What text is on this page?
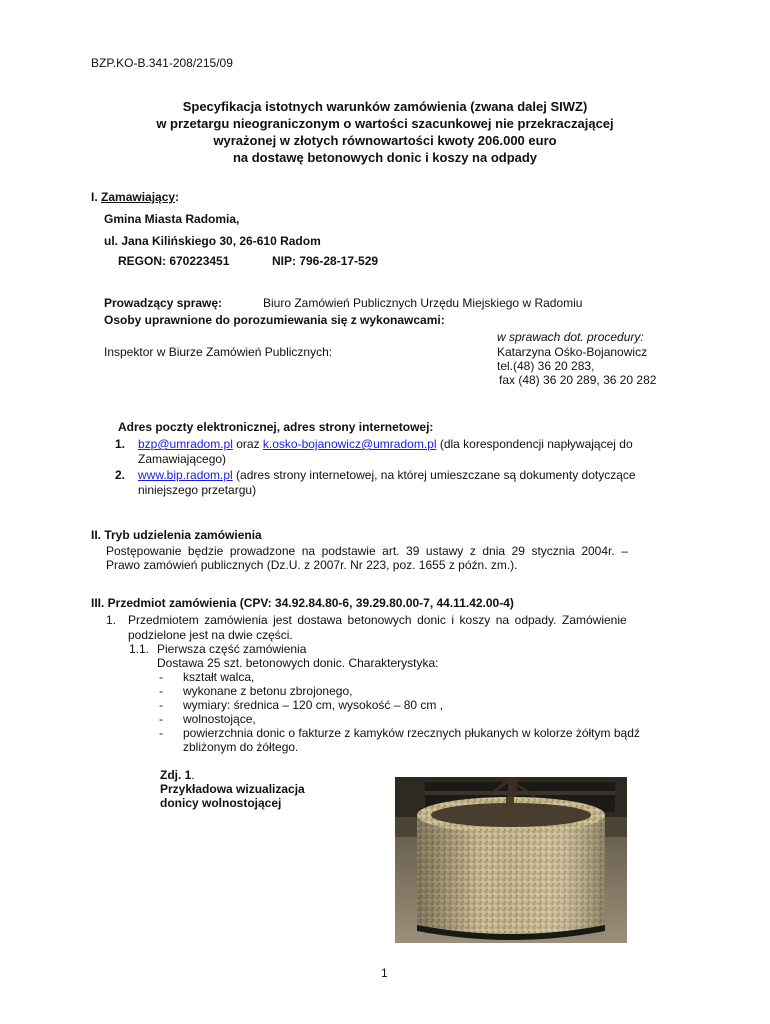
BZP.KO-B.341-208/215/09
Specyfikacja istotnych warunków zamówienia (zwana dalej SIWZ)
w przetargu nieograniczonym o wartości szacunkowej nie przekraczającej
wyrażonej w złotych równowartości kwoty 206.000 euro
na dostawę betonowych donic i koszy na odpady
I. Zamawiający:
Gmina Miasta Radomia,
ul. Jana Kilińskiego 30, 26-610 Radom
REGON: 670223451	NIP: 796-28-17-529
Prowadzący sprawę:	Biuro Zamówień Publicznych Urzędu Miejskiego w Radomiu
Osoby uprawnione do porozumiewania się z wykonawcami:
w sprawach dot. procedury:
Inspektor w Biurze Zamówień Publicznych:	Katarzyna Ośko-Bojanowicz
tel.(48) 36 20 283,
fax (48) 36 20 289, 36 20 282
Adres poczty elektronicznej, adres strony internetowej:
1. bzp@umradom.pl oraz k.osko-bojanowicz@umradom.pl (dla korespondencji napływającej do
Zamawiającego)
2. www.bip.radom.pl (adres strony internetowej, na której umieszczane są dokumenty dotyczące
niniejszego przetargu)
II. Tryb udzielenia zamówienia
Postępowanie będzie prowadzone na podstawie art. 39 ustawy z dnia 29 stycznia 2004r. –
Prawo zamówień publicznych (Dz.U. z 2007r. Nr 223, poz. 1655 z późn. zm.).
III. Przedmiot zamówienia (CPV: 34.92.84.80-6, 39.29.80.00-7, 44.11.42.00-4)
1. Przedmiotem zamówienia jest dostawa betonowych donic i koszy na odpady. Zamówienie
podzielone jest na dwie części.
1.1. Pierwsza część zamówienia
Dostawa 25 szt. betonowych donic. Charakterystyka:
- kształt walca,
- wykonane z betonu zbrojonego,
- wymiary: średnica – 120 cm, wysokość – 80 cm ,
- wolnostojące,
- powierzchnia donic o fakturze z kamyków rzecznych płukanych w kolorze żółtym bądź
zbliżonym do żółtego.
Zdj. 1.
Przykładowa wizualizacja
donicy wolnostojącej
1
